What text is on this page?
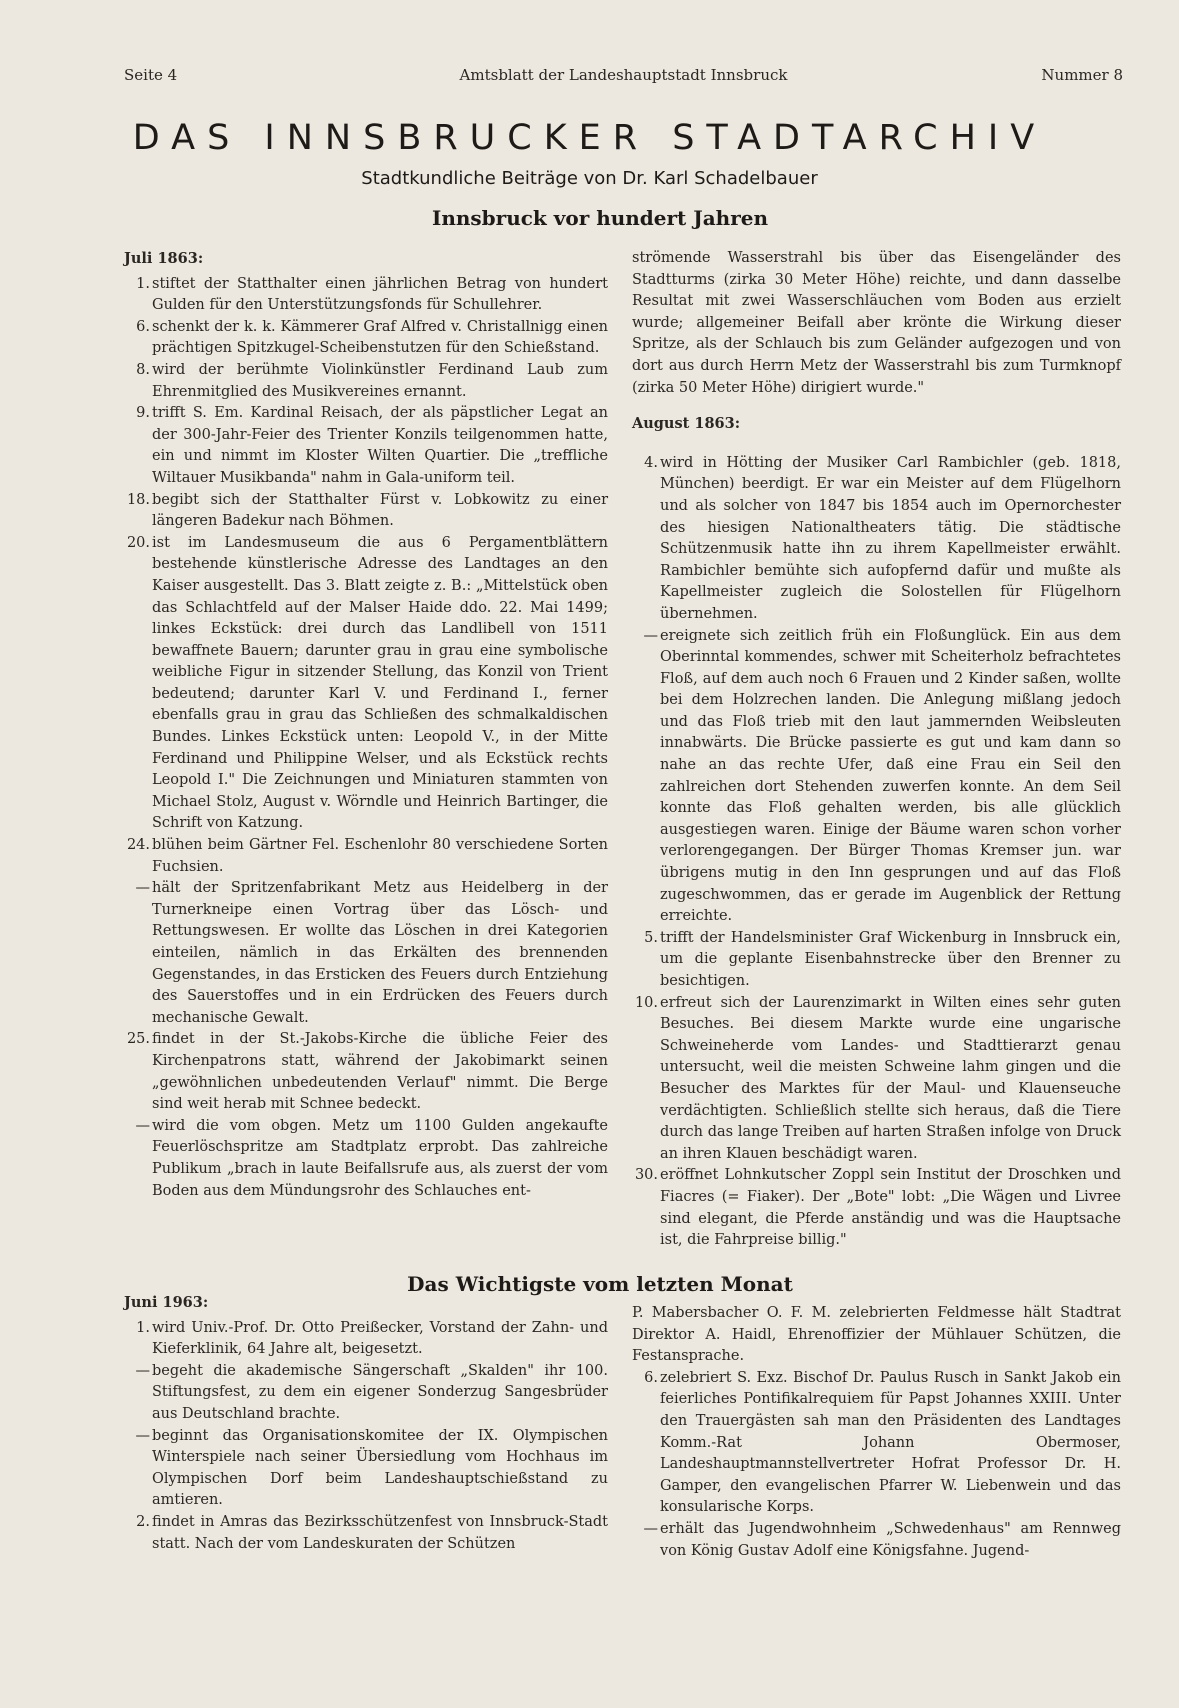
Seite 4	Amtsblatt der Landeshauptstadt Innsbruck	Nummer 8
DAS INNSBRUCKER STADTARCHIV
Stadtkundliche Beiträge von Dr. Karl Schadelbauer
Innsbruck vor hundert Jahren
Juli 1863:
1. stiftet der Statthalter einen jährlichen Betrag von hundert Gulden für den Unterstützungsfonds für Schullehrer.
6. schenkt der k. k. Kämmerer Graf Alfred v. Christallnigg einen prächtigen Spitzkugel-Scheibenstutzen für den Schießstand.
8. wird der berühmte Violinkünstler Ferdinand Laub zum Ehrenmitglied des Musikvereines ernannt.
9. trifft S. Em. Kardinal Reisach, der als päpstlicher Legat an der 300-Jahr-Feier des Trienter Konzils teilgenommen hatte, ein und nimmt im Kloster Wilten Quartier. Die „treffliche Wiltauer Musikbanda" nahm in Gala-uniform teil.
18. begibt sich der Statthalter Fürst v. Lobkowitz zu einer längeren Badekur nach Böhmen.
20. ist im Landesmuseum die aus 6 Pergamentblättern bestehende künstlerische Adresse des Landtages an den Kaiser ausgestellt. Das 3. Blatt zeigte z. B.: „Mittelstück oben das Schlachtfeld auf der Malser Haide ddo. 22. Mai 1499; linkes Eckstück: drei durch das Landlibell von 1511 bewaffnete Bauern; darunter grau in grau eine symbolische weibliche Figur in sitzender Stellung, das Konzil von Trient bedeutend; darunter Karl V. und Ferdinand I., ferner ebenfalls grau in grau das Schließen des schmalkaldischen Bundes. Linkes Eckstück unten: Leopold V., in der Mitte Ferdinand und Philippine Welser, und als Eckstück rechts Leopold I." Die Zeichnungen und Miniaturen stammten von Michael Stolz, August v. Wörndle und Heinrich Bartinger, die Schrift von Katzung.
24. blühen beim Gärtner Fel. Eschenlohr 80 verschiedene Sorten Fuchsien.
— hält der Spritzenfabrikant Metz aus Heidelberg in der Turnerkneipe einen Vortrag über das Lösch- und Rettungswesen. Er wollte das Löschen in drei Kategorien einteilen, nämlich in das Erkälten des brennenden Gegenstandes, in das Ersticken des Feuers durch Entziehung des Sauerstoffes und in ein Erdrücken des Feuers durch mechanische Gewalt.
25. findet in der St.-Jakobs-Kirche die übliche Feier des Kirchenpatrons statt, während der Jakobimarkt seinen „gewöhnlichen unbedeutenden Verlauf" nimmt. Die Berge sind weit herab mit Schnee bedeckt.
— wird die vom obgen. Metz um 1100 Gulden angekaufte Feuerlöschspritze am Stadtplatz erprobt. Das zahlreiche Publikum „brach in laute Beifallsrufe aus, als zuerst der vom Boden aus dem Mündungsrohr des Schlauches ent-
strömende Wasserstrahl bis über das Eisengeländer des Stadtturms (zirka 30 Meter Höhe) reichte, und dann dasselbe Resultat mit zwei Wasserschläuchen vom Boden aus erzielt wurde; allgemeiner Beifall aber krönte die Wirkung dieser Spritze, als der Schlauch bis zum Geländer aufgezogen und von dort aus durch Herrn Metz der Wasserstrahl bis zum Turmknopf (zirka 50 Meter Höhe) dirigiert wurde."
August 1863:
4. wird in Hötting der Musiker Carl Rambichler (geb. 1818, München) beerdigt. Er war ein Meister auf dem Flügelhorn und als solcher von 1847 bis 1854 auch im Opernorchester des hiesigen Nationaltheaters tätig. Die städtische Schützenmusik hatte ihn zu ihrem Kapellmeister erwählt. Rambichler bemühte sich aufopfernd dafür und mußte als Kapellmeister zugleich die Solostellen für Flügelhorn übernehmen.
— ereignete sich zeitlich früh ein Floßunglück. Ein aus dem Oberinntal kommendes, schwer mit Scheiterholz befrachtetes Floß, auf dem auch noch 6 Frauen und 2 Kinder saßen, wollte bei dem Holzrechen landen. Die Anlegung mißlang jedoch und das Floß trieb mit den laut jammernden Weibsleuten innabwärts. Die Brücke passierte es gut und kam dann so nahe an das rechte Ufer, daß eine Frau ein Seil den zahlreichen dort Stehenden zuwerfen konnte. An dem Seil konnte das Floß gehalten werden, bis alle glücklich ausgestiegen waren. Einige der Bäume waren schon vorher verlorengegangen. Der Bürger Thomas Kremser jun. war übrigens mutig in den Inn gesprungen und auf das Floß zugeschwommen, das er gerade im Augenblick der Rettung erreichte.
5. trifft der Handelsminister Graf Wickenburg in Innsbruck ein, um die geplante Eisenbahnstrecke über den Brenner zu besichtigen.
10. erfreut sich der Laurenzimarkt in Wilten eines sehr guten Besuches. Bei diesem Markte wurde eine ungarische Schweineherde vom Landes- und Stadttierarzt genau untersucht, weil die meisten Schweine lahm gingen und die Besucher des Marktes für der Maul- und Klauenseuche verdächtigten. Schließlich stellte sich heraus, daß die Tiere durch das lange Treiben auf harten Straßen infolge von Druck an ihren Klauen beschädigt waren.
30. eröffnet Lohnkutscher Zoppl sein Institut der Droschken und Fiacres (= Fiaker). Der „Bote" lobt: „Die Wägen und Livree sind elegant, die Pferde anständig und was die Hauptsache ist, die Fahrpreise billig."
Das Wichtigste vom letzten Monat
Juni 1963:
1. wird Univ.-Prof. Dr. Otto Preißecker, Vorstand der Zahn- und Kieferklinik, 64 Jahre alt, beigesetzt.
— begeht die akademische Sängerschaft „Skalden" ihr 100. Stiftungsfest, zu dem ein eigener Sonderzug Sangesbrüder aus Deutschland brachte.
— beginnt das Organisationskomitee der IX. Olympischen Winterspiele nach seiner Übersiedlung vom Hochhaus im Olympischen Dorf beim Landeshauptschießstand zu amtieren.
2. findet in Amras das Bezirksschützenfest von Innsbruck-Stadt statt. Nach der vom Landeskuraten der Schützen
P. Mabersbacher O. F. M. zelebrierten Feldmesse hält Stadtrat Direktor A. Haidl, Ehrenoffizier der Mühlauer Schützen, die Festansprache.
6. zelebriert S. Exz. Bischof Dr. Paulus Rusch in Sankt Jakob ein feierliches Pontifikalrequiem für Papst Johannes XXIII. Unter den Trauergästen sah man den Präsidenten des Landtages Komm.-Rat Johann Obermoser, Landeshauptmannstellvertreter Hofrat Professor Dr. H. Gamper, den evangelischen Pfarrer W. Liebenwein und das konsularische Korps.
— erhält das Jugendwohnheim „Schwedenhaus" am Rennweg von König Gustav Adolf eine Königsfahne. Jugend-
